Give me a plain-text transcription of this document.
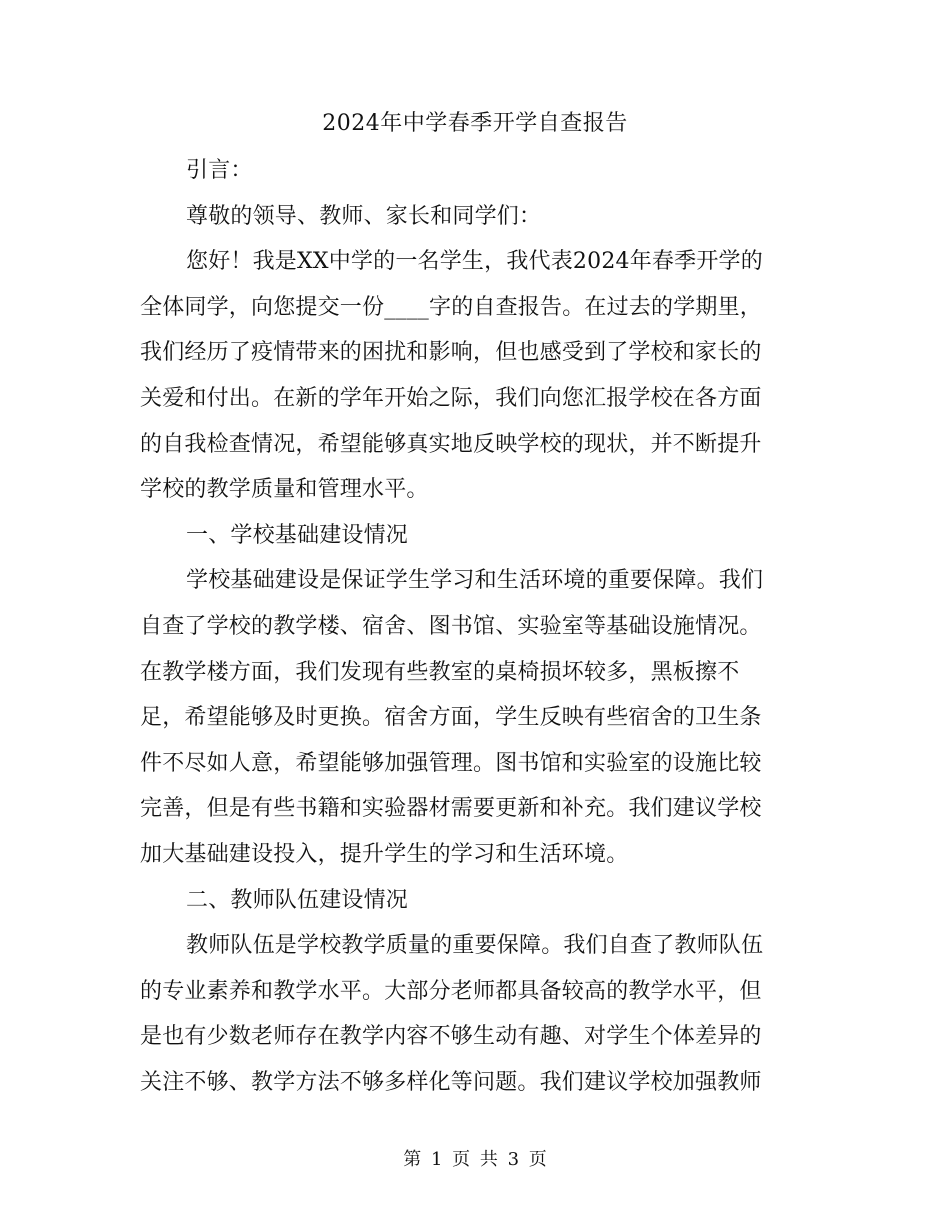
2024年中学春季开学自查报告
引言：
尊敬的领导、教师、家长和同学们：
您好！我是XX中学的一名学生，我代表2024年春季开学的
全体同学，向您提交一份____字的自查报告。在过去的学期里，
我们经历了疫情带来的困扰和影响，但也感受到了学校和家长的
关爱和付出。在新的学年开始之际，我们向您汇报学校在各方面
的自我检查情况，希望能够真实地反映学校的现状，并不断提升
学校的教学质量和管理水平。
一、学校基础建设情况
学校基础建设是保证学生学习和生活环境的重要保障。我们
自查了学校的教学楼、宿舍、图书馆、实验室等基础设施情况。
在教学楼方面，我们发现有些教室的桌椅损坏较多，黑板擦不
足，希望能够及时更换。宿舍方面，学生反映有些宿舍的卫生条
件不尽如人意，希望能够加强管理。图书馆和实验室的设施比较
完善，但是有些书籍和实验器材需要更新和补充。我们建议学校
加大基础建设投入，提升学生的学习和生活环境。
二、教师队伍建设情况
教师队伍是学校教学质量的重要保障。我们自查了教师队伍
的专业素养和教学水平。大部分老师都具备较高的教学水平，但
是也有少数老师存在教学内容不够生动有趣、对学生个体差异的
关注不够、教学方法不够多样化等问题。我们建议学校加强教师
第 1 页 共 3 页
